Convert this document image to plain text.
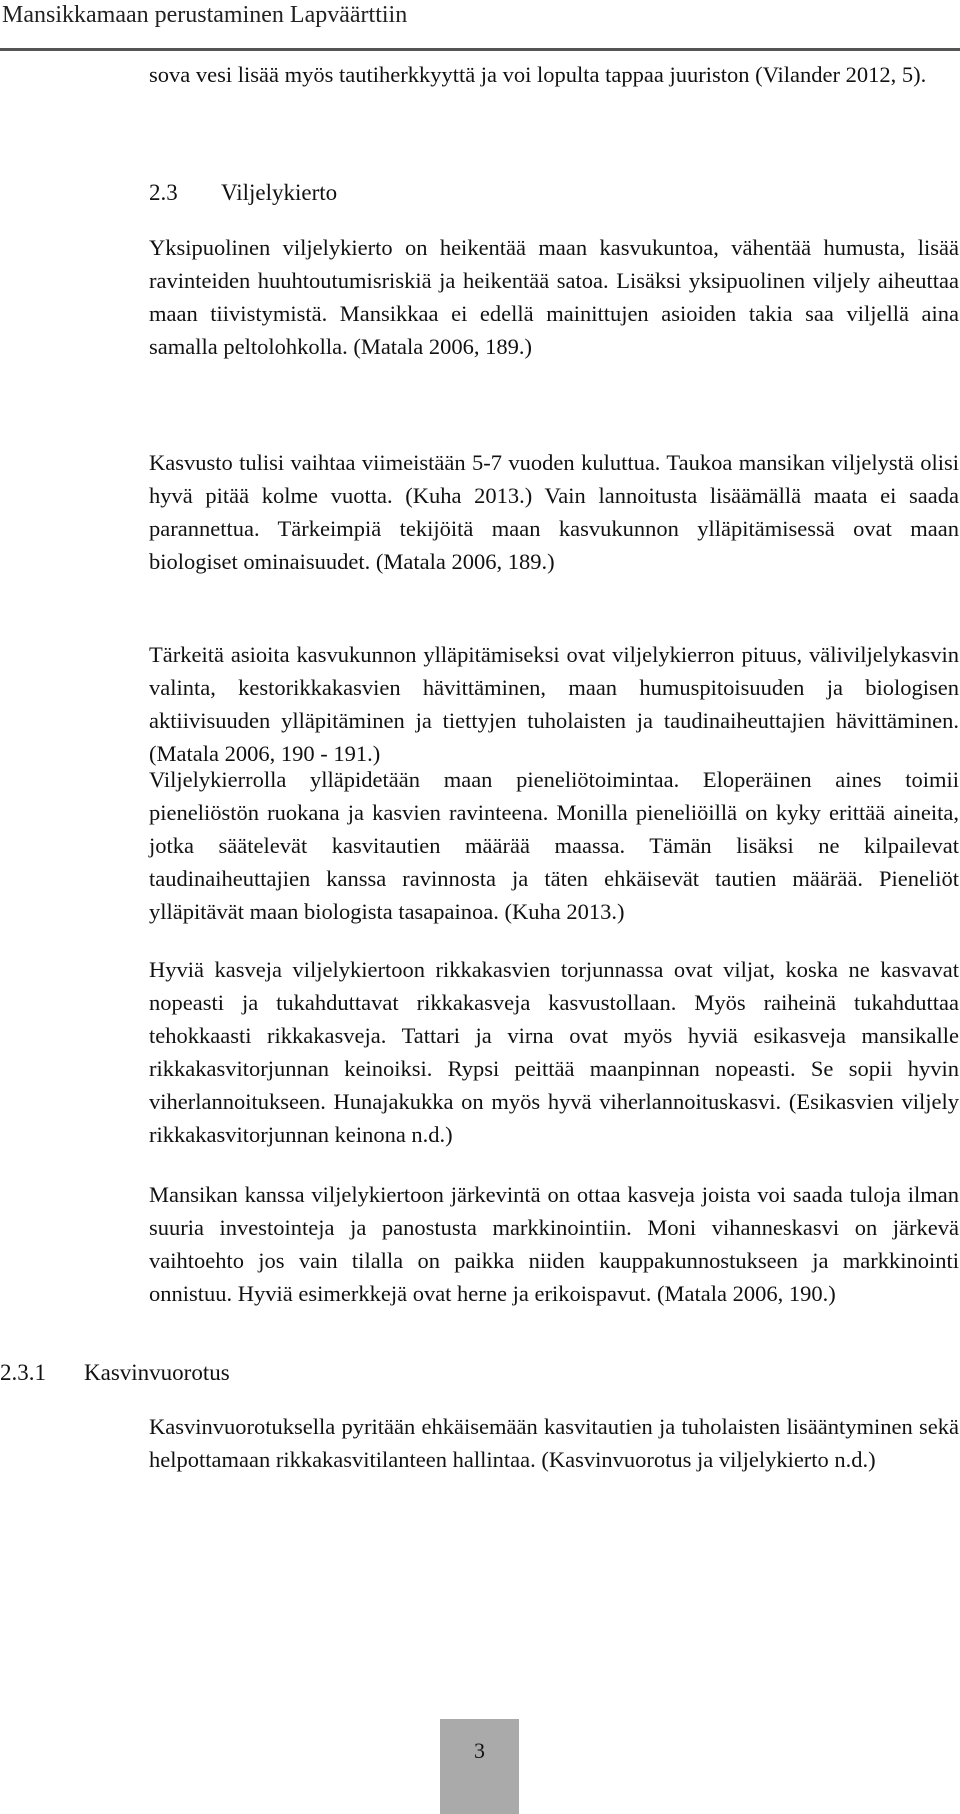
Mansikkamaan perustaminen Lapväärttiin

sova vesi lisää myös tautiherkkyyttä ja voi lopulta tappaa juuriston (Vilander 2012, 5).

2.3 Viljelykierto

Yksipuolinen viljelykierto on heikentää maan kasvukuntoa, vähentää humusta, lisää ravinteiden huuhtoutumisriskiä ja heikentää satoa. Lisäksi yksipuolinen viljely aiheuttaa maan tiivistymistä. Mansikkaa ei edellä mainittujen asioiden takia saa viljellä aina samalla peltolohkolla. (Matala 2006, 189.)

Kasvusto tulisi vaihtaa viimeistään 5-7 vuoden kuluttua. Taukoa mansikan viljelystä olisi hyvä pitää kolme vuotta. (Kuha 2013.) Vain lannoitusta lisäämällä maata ei saada parannettua. Tärkeimpiä tekijöitä maan kasvukunnon ylläpitämisessä ovat maan biologiset ominaisuudet. (Matala 2006, 189.)

Tärkeitä asioita kasvukunnon ylläpitämiseksi ovat viljelykierron pituus, väliviljelykasvin valinta, kestorikkakasvien hävittäminen, maan humuspitoisuuden ja biologisen aktiivisuuden ylläpitäminen ja tiettyjen tuholaisten ja taudinaiheuttajien hävittäminen. (Matala 2006, 190 - 191.)

Viljelykierrolla ylläpidetään maan pieneliötoimintaa. Eloperäinen aines toimii pieneliöstön ruokana ja kasvien ravinteena. Monilla pieneliöillä on kyky erittää aineita, jotka säätelevät kasvitautien määrää maassa. Tämän lisäksi ne kilpailevat taudinaiheuttajien kanssa ravinnosta ja täten ehkäisevät tautien määrää. Pieneliöt ylläpitävät maan biologista tasapainoa. (Kuha 2013.)

Hyviä kasveja viljelykiertoon rikkakasvien torjunnassa ovat viljat, koska ne kasvavat nopeasti ja tukahduttavat rikkakasveja kasvustollaan. Myös raiheinä tukahduttaa tehokkaasti rikkakasveja. Tattari ja virna ovat myös hyviä esikasveja mansikalle rikkakasvitorjunnan keinoiksi. Rypsi peittää maanpinnan nopeasti. Se sopii hyvin viherlannoitukseen. Hunajakukka on myös hyvä viherlannoituskasvi. (Esikasvien viljely rikkakasvitorjunnan keinona n.d.)

Mansikan kanssa viljelykiertoon järkevintä on ottaa kasveja joista voi saada tuloja ilman suuria investointeja ja panostusta markkinointiin. Moni vihanneskasvi on järkevä vaihtoehto jos vain tilalla on paikka niiden kauppakunnostukseen ja markkinointi onnistuu. Hyviä esimerkkejä ovat herne ja erikoispavut. (Matala 2006, 190.)

2.3.1 Kasvinvuorotus

Kasvinvuorotuksella pyritään ehkäisemään kasvitautien ja tuholaisten lisääntyminen sekä helpottamaan rikkakasvitilanteen hallintaa. (Kasvinvuorotus ja viljelykierto n.d.)

3
